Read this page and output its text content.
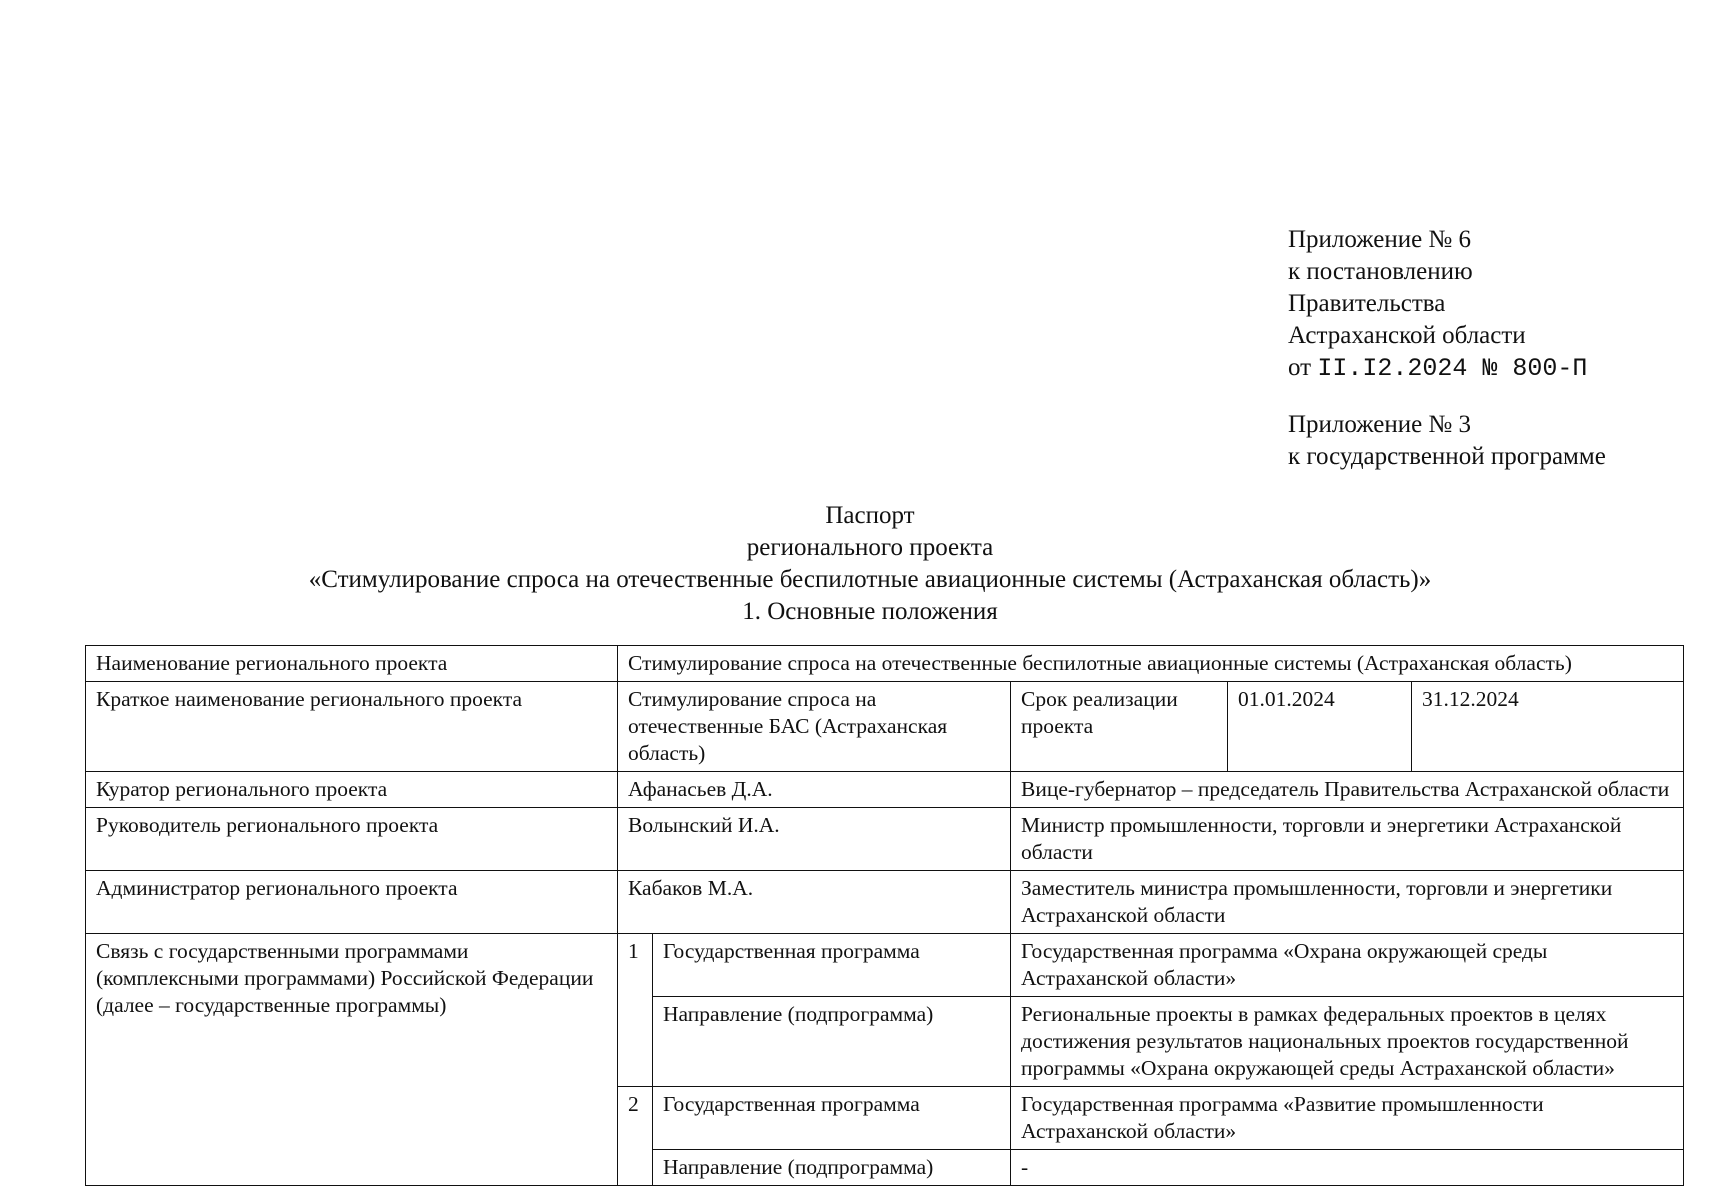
Приложение № 6
к постановлению
Правительства
Астраханской области
от II.I2.2024 № 800-П
Приложение № 3
к государственной программе
Паспорт
регионального проекта
«Стимулирование спроса на отечественные беспилотные авиационные системы (Астраханская область)»
1. Основные положения
Наименование регионального проекта	Стимулирование спроса на отечественные беспилотные авиационные системы (Астраханская область)				
Краткое наименование регионального проекта	Стимулирование спроса на отечественные БАС (Астраханская область)		Срок реализации проекта	01.01.2024	31.12.2024
Куратор регионального проекта	Афанасьев Д.А.		Вице-губернатор – председатель Правительства Астраханской области		
Руководитель регионального проекта	Волынский И.А.		Министр промышленности, торговли и энергетики Астраханской области		
Администратор регионального проекта	Кабаков М.А.		Заместитель министра промышленности, торговли и энергетики Астраханской области		
Связь с государственными программами (комплексными программами) Российской Федерации (далее – государственные программы)	1	Государственная программа	Государственная программа «Охрана окружающей среды Астраханской области»		
		Направление (подпрограмма)	Региональные проекты в рамках федеральных проектов в целях достижения результатов национальных проектов государственной программы «Охрана окружающей среды Астраханской области»		
	2	Государственная программа	Государственная программа «Развитие промышленности Астраханской области»		
		Направление (подпрограмма)	-		
